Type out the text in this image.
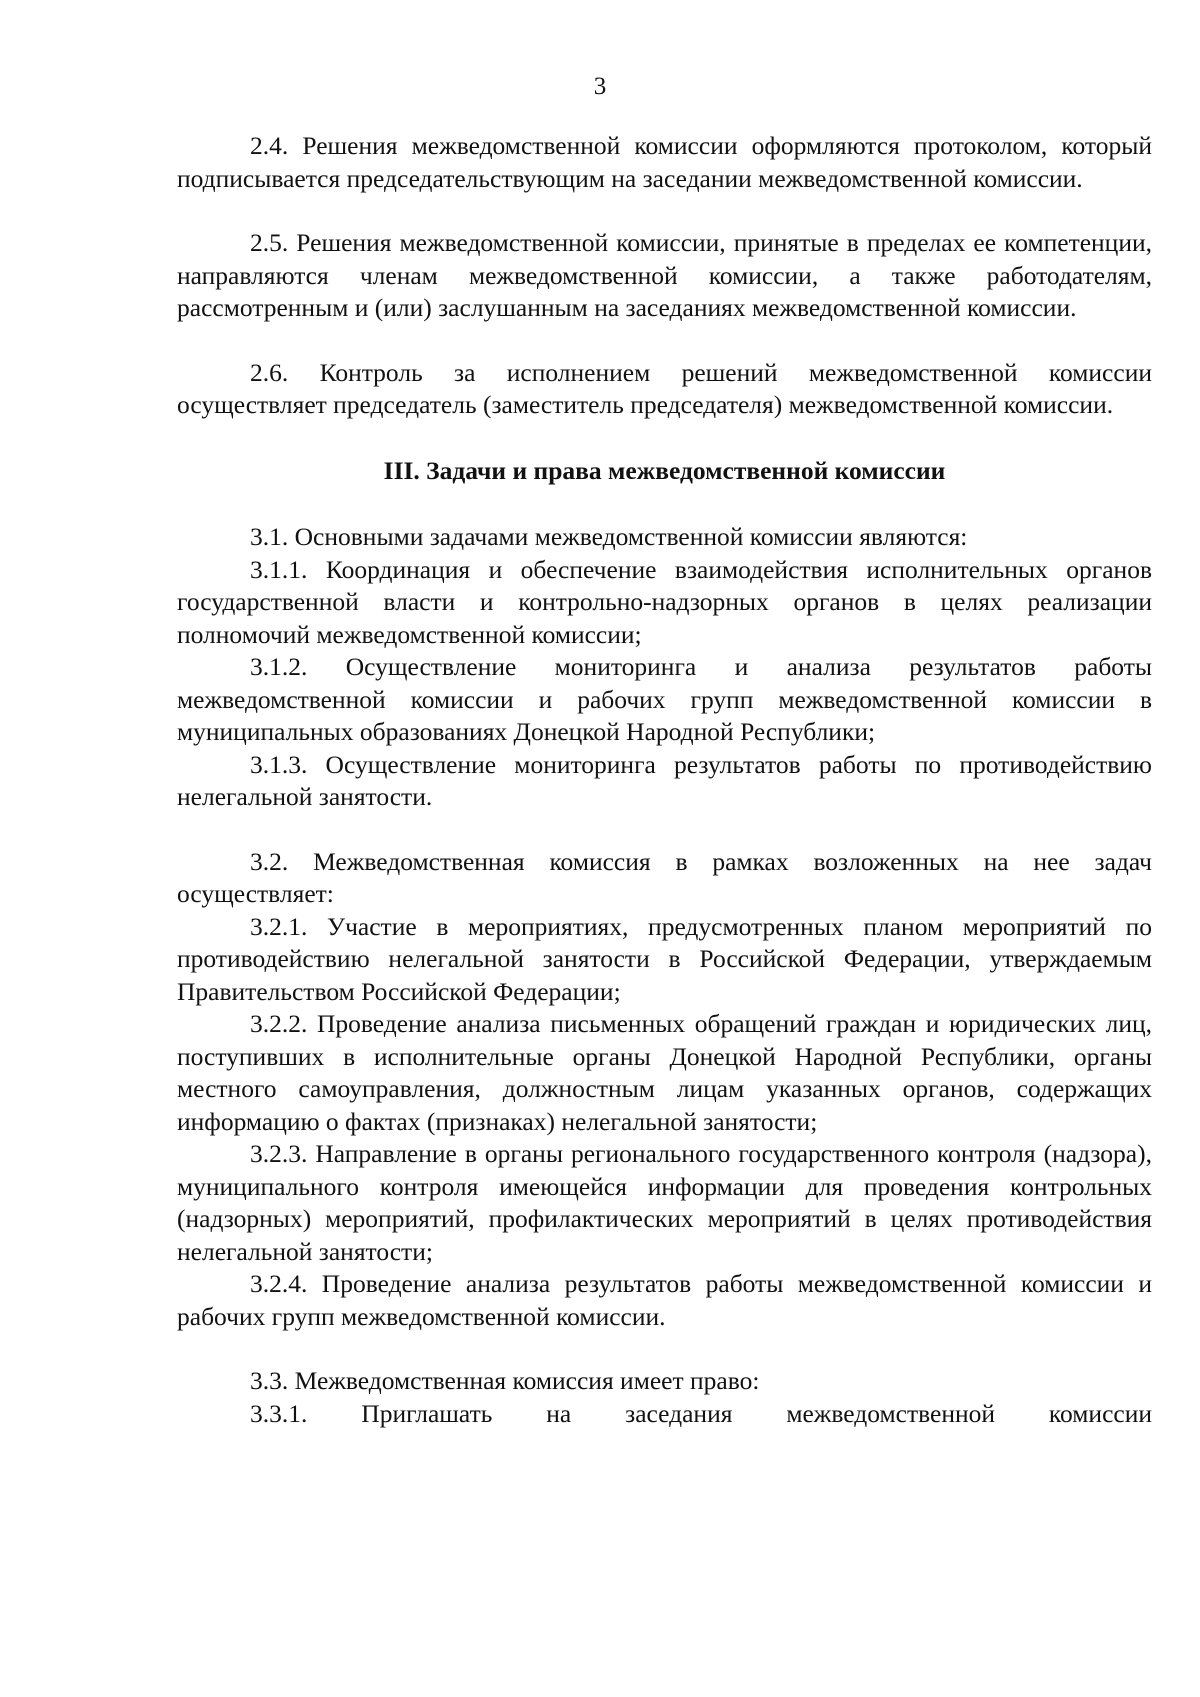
3

2.4. Решения межведомственной комиссии оформляются протоколом, который подписывается председательствующим на заседании межведомственной комиссии.

2.5. Решения межведомственной комиссии, принятые в пределах ее компетенции, направляются членам межведомственной комиссии, а также работодателям, рассмотренным и (или) заслушанным на заседаниях межведомственной комиссии.

2.6. Контроль за исполнением решений межведомственной комиссии осуществляет председатель (заместитель председателя) межведомственной комиссии.

III. Задачи и права межведомственной комиссии

3.1. Основными задачами межведомственной комиссии являются:

3.1.1. Координация и обеспечение взаимодействия исполнительных органов государственной власти и контрольно-надзорных органов в целях реализации полномочий межведомственной комиссии;

3.1.2. Осуществление мониторинга и анализа результатов работы межведомственной комиссии и рабочих групп межведомственной комиссии в муниципальных образованиях Донецкой Народной Республики;

3.1.3. Осуществление мониторинга результатов работы по противодействию нелегальной занятости.

3.2. Межведомственная комиссия в рамках возложенных на нее задач осуществляет:

3.2.1. Участие в мероприятиях, предусмотренных планом мероприятий по противодействию нелегальной занятости в Российской Федерации, утверждаемым Правительством Российской Федерации;

3.2.2. Проведение анализа письменных обращений граждан и юридических лиц, поступивших в исполнительные органы Донецкой Народной Республики, органы местного самоуправления, должностным лицам указанных органов, содержащих информацию о фактах (признаках) нелегальной занятости;

3.2.3. Направление в органы регионального государственного контроля (надзора), муниципального контроля имеющейся информации для проведения контрольных (надзорных) мероприятий, профилактических мероприятий в целях противодействия нелегальной занятости;

3.2.4. Проведение анализа результатов работы межведомственной комиссии и рабочих групп межведомственной комиссии.

3.3. Межведомственная комиссия имеет право:

3.3.1. Приглашать на заседания межведомственной комиссии
